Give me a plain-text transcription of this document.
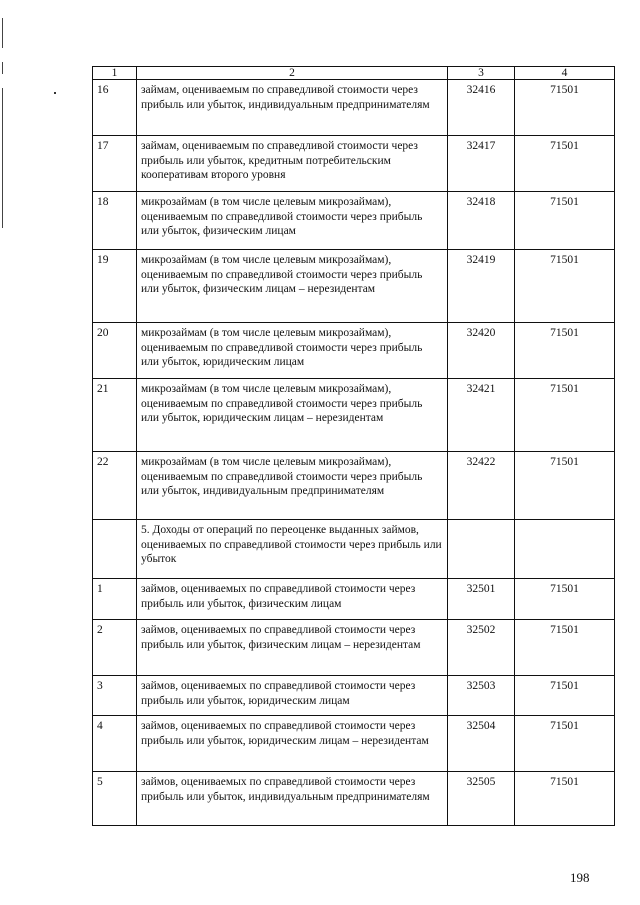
1	2	3	4
16	займам, оцениваемым по справедливой стоимости через прибыль или убыток, индивидуальным предпринимателям	32416	71501
17	займам, оцениваемым по справедливой стоимости через прибыль или убыток, кредитным потребительским кооперативам второго уровня	32417	71501
18	микрозаймам (в том числе целевым микрозаймам), оцениваемым по справедливой стоимости через прибыль или убыток, физическим лицам	32418	71501
19	микрозаймам (в том числе целевым микрозаймам), оцениваемым по справедливой стоимости через прибыль или убыток, физическим лицам – нерезидентам	32419	71501
20	микрозаймам (в том числе целевым микрозаймам), оцениваемым по справедливой стоимости через прибыль или убыток, юридическим лицам	32420	71501
21	микрозаймам (в том числе целевым микрозаймам), оцениваемым по справедливой стоимости через прибыль или убыток, юридическим лицам – нерезидентам	32421	71501
22	микрозаймам (в том числе целевым микрозаймам), оцениваемым по справедливой стоимости через прибыль или убыток, индивидуальным предпринимателям	32422	71501
	5. Доходы от операций по переоценке выданных займов, оцениваемых по справедливой стоимости через прибыль или убыток		
1	займов, оцениваемых по справедливой стоимости через прибыль или убыток, физическим лицам	32501	71501
2	займов, оцениваемых по справедливой стоимости через прибыль или убыток, физическим лицам – нерезидентам	32502	71501
3	займов, оцениваемых по справедливой стоимости через прибыль или убыток, юридическим лицам	32503	71501
4	займов, оцениваемых по справедливой стоимости через прибыль или убыток, юридическим лицам – нерезидентам	32504	71501
5	займов, оцениваемых по справедливой стоимости через прибыль или убыток, индивидуальным предпринимателям	32505	71501
198
